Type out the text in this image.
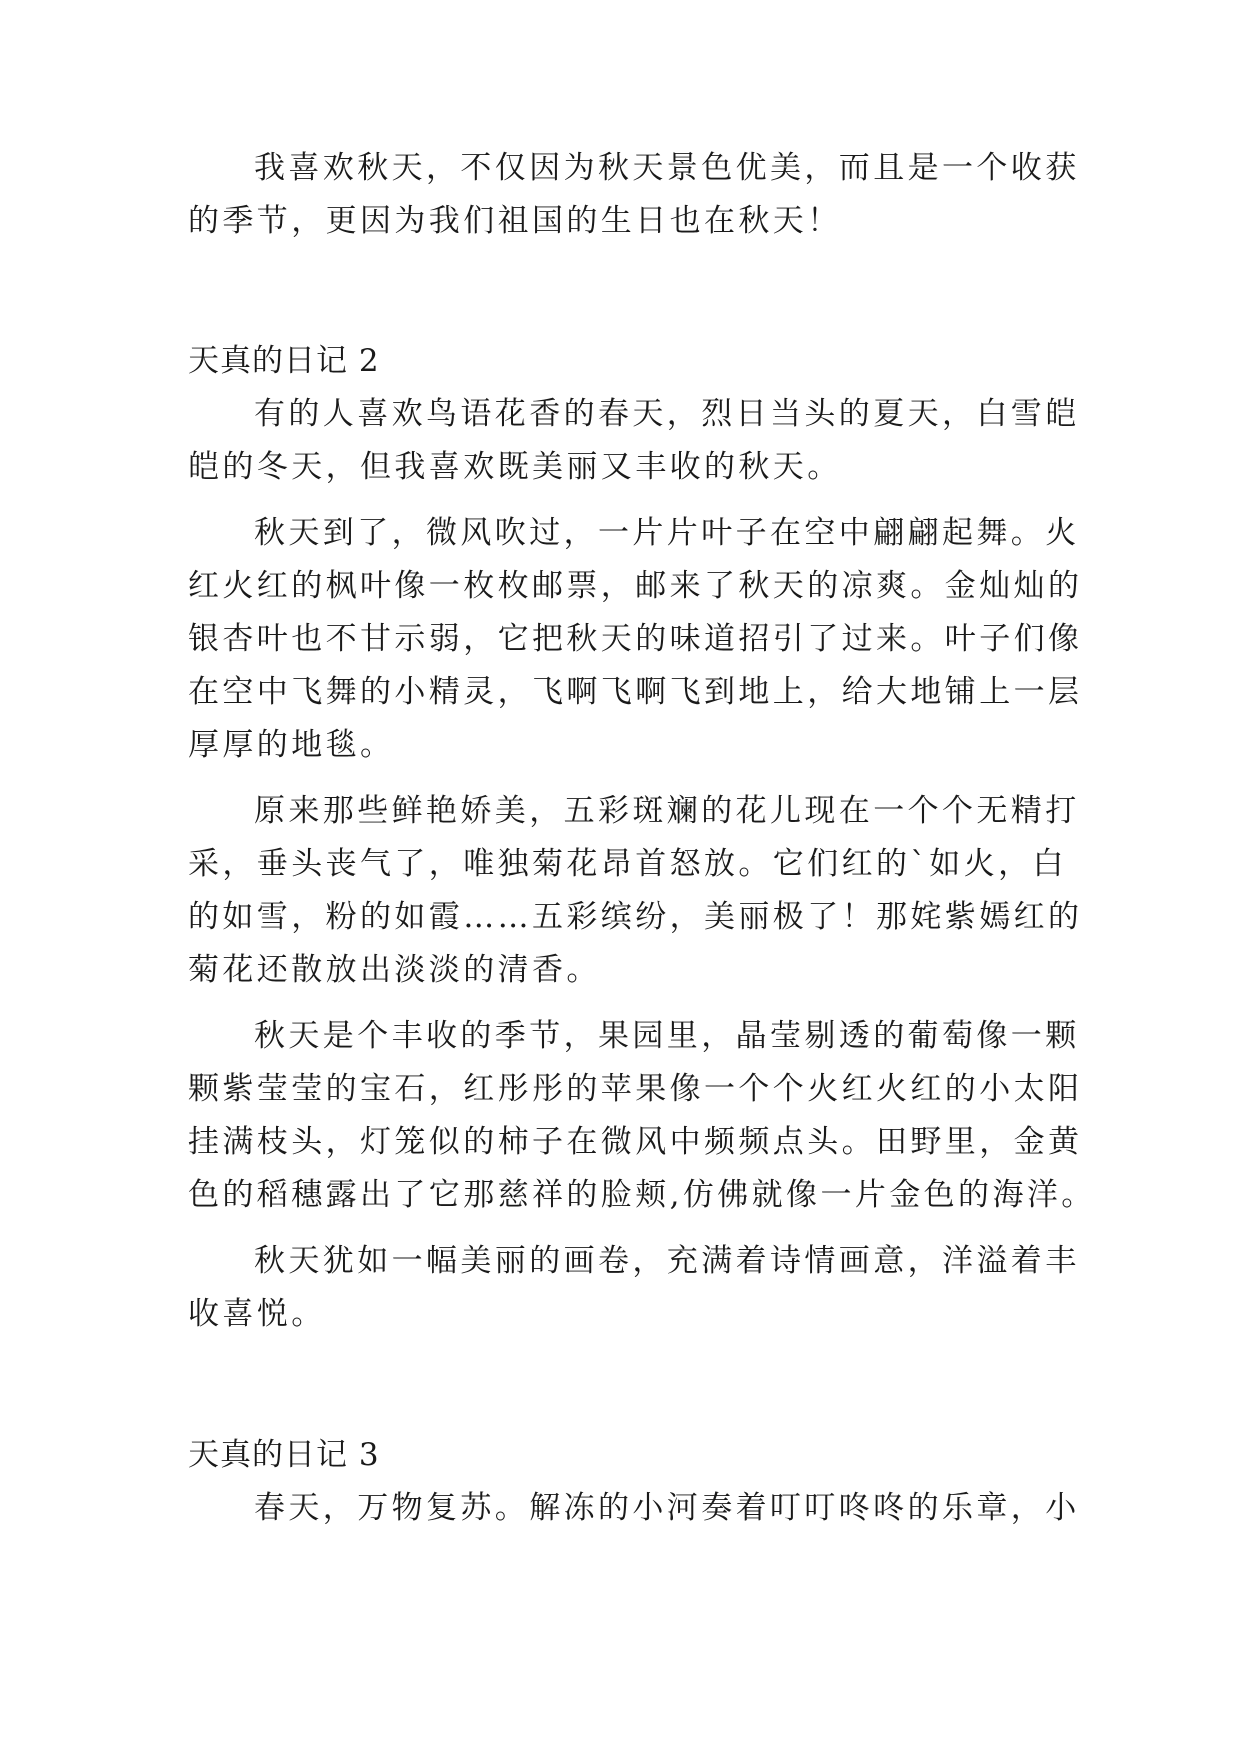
我喜欢秋天，不仅因为秋天景色优美，而且是一个收获
的季节，更因为我们祖国的生日也在秋天！
天真的日记 2
有的人喜欢鸟语花香的春天，烈日当头的夏天，白雪皑
皑的冬天，但我喜欢既美丽又丰收的秋天。
秋天到了，微风吹过，一片片叶子在空中翩翩起舞。火
红火红的枫叶像一枚枚邮票，邮来了秋天的凉爽。金灿灿的
银杏叶也不甘示弱，它把秋天的味道招引了过来。叶子们像
在空中飞舞的小精灵，飞啊飞啊飞到地上，给大地铺上一层
厚厚的地毯。
原来那些鲜艳娇美，五彩斑斓的花儿现在一个个无精打
采，垂头丧气了，唯独菊花昂首怒放。它们红的`如火，白
的如雪，粉的如霞……五彩缤纷，美丽极了！那姹紫嫣红的
菊花还散放出淡淡的清香。
秋天是个丰收的季节，果园里，晶莹剔透的葡萄像一颗
颗紫莹莹的宝石，红彤彤的苹果像一个个火红火红的小太阳
挂满枝头，灯笼似的柿子在微风中频频点头。田野里，金黄
色的稻穗露出了它那慈祥的脸颊,仿佛就像一片金色的海洋。
秋天犹如一幅美丽的画卷，充满着诗情画意，洋溢着丰
收喜悦。
天真的日记 3
春天，万物复苏。解冻的小河奏着叮叮咚咚的乐章，小
